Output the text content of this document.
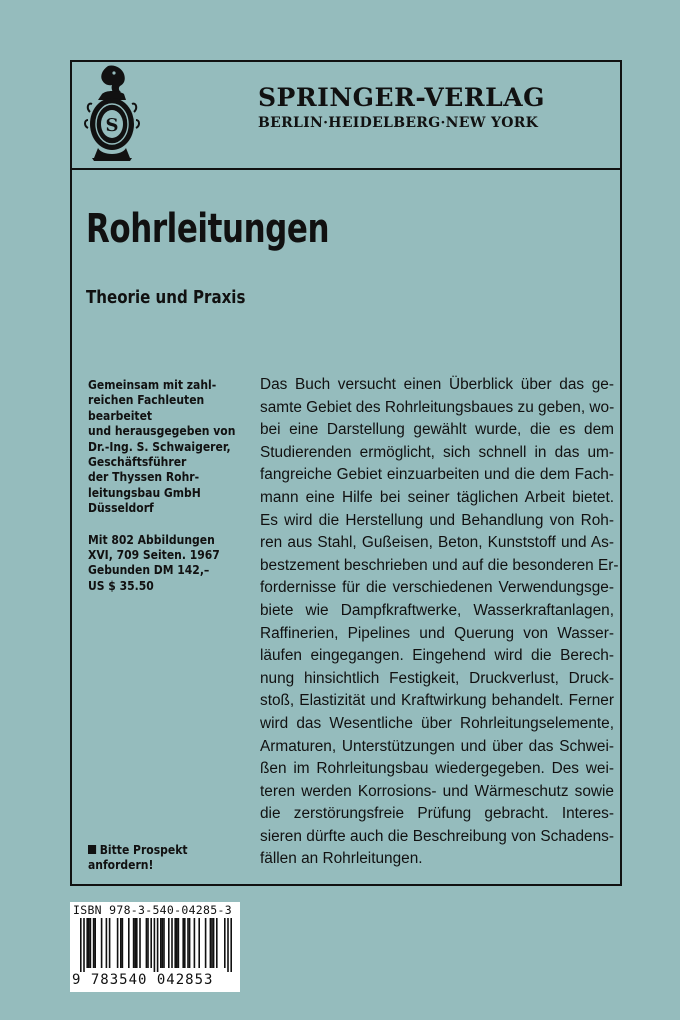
S
SPRINGER-VERLAG
BERLIN·HEIDELBERG·NEW YORK
Rohrleitungen
Theorie und Praxis
Gemeinsam mit zahl-
reichen Fachleuten
bearbeitet
und herausgegeben von
Dr.-Ing. S. Schwaigerer,
Geschäftsführer
der Thyssen Rohr-
leitungsbau GmbH
Düsseldorf
Mit 802 Abbildungen
XVI, 709 Seiten. 1967
Gebunden DM 142,–
US $ 35.50
Bitte Prospekt
anfordern!
Das Buch versucht einen Überblick über das ge-
samte Gebiet des Rohrleitungsbaues zu geben, wo-
bei eine Darstellung gewählt wurde, die es dem
Studierenden ermöglicht, sich schnell in das um-
fangreiche Gebiet einzuarbeiten und die dem Fach-
mann eine Hilfe bei seiner täglichen Arbeit bietet.
Es wird die Herstellung und Behandlung von Roh-
ren aus Stahl, Gußeisen, Beton, Kunststoff und As-
bestzement beschrieben und auf die besonderen Er-
fordernisse für die verschiedenen Verwendungsge-
biete wie Dampfkraftwerke, Wasserkraftanlagen,
Raffinerien, Pipelines und Querung von Wasser-
läufen eingegangen. Eingehend wird die Berech-
nung hinsichtlich Festigkeit, Druckverlust, Druck-
stoß, Elastizität und Kraftwirkung behandelt. Ferner
wird das Wesentliche über Rohrleitungselemente,
Armaturen, Unterstützungen und über das Schwei-
ßen im Rohrleitungsbau wiedergegeben. Des wei-
teren werden Korrosions- und Wärmeschutz sowie
die zerstörungsfreie Prüfung gebracht. Interes-
sieren dürfte auch die Beschreibung von Schadens-
fällen an Rohrleitungen.
ISBN 978-3-540-04285-3
9 783540 042853
